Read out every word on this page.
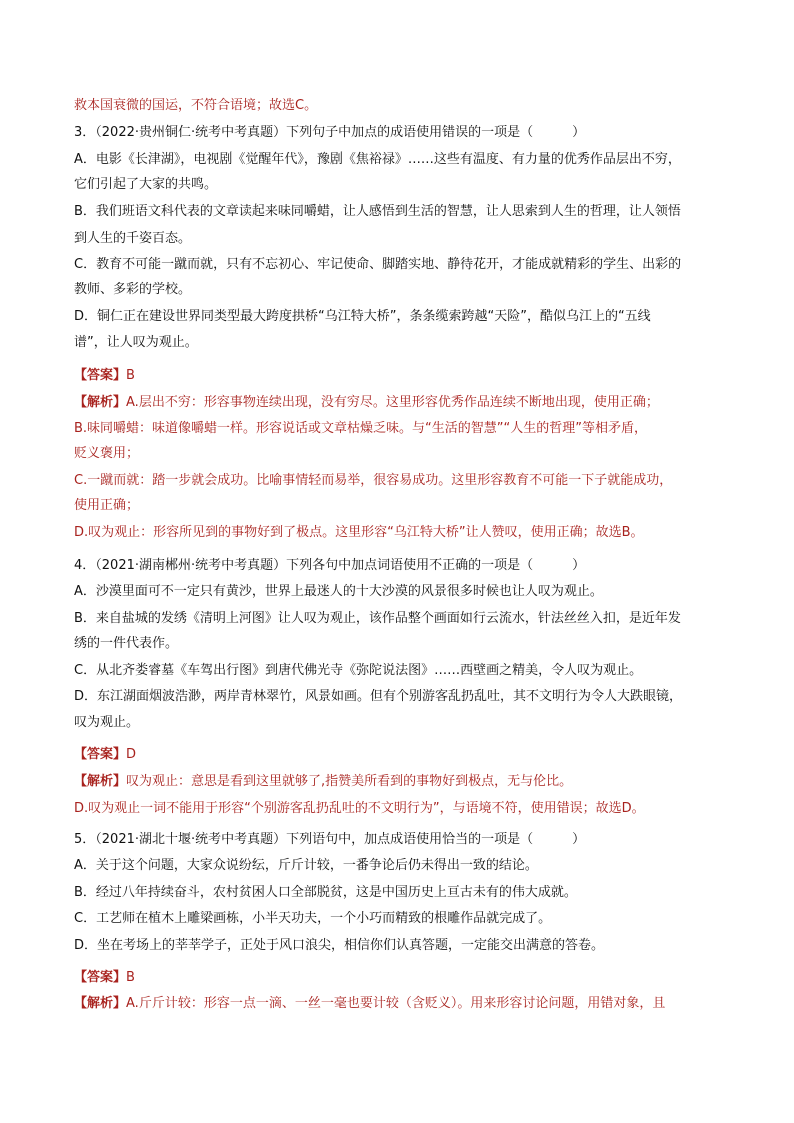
救本国衰微的国运，不符合语境；故选C。
3．（2022·贵州铜仁·统考中考真题）下列句子中加点的成语使用错误的一项是（　　　）
A．电影《长津湖》，电视剧《觉醒年代》，豫剧《焦裕禄》……这些有温度、有力量的优秀作品层出不穷，
它们引起了大家的共鸣。
B．我们班语文科代表的文章读起来味同嚼蜡，让人感悟到生活的智慧，让人思索到人生的哲理，让人领悟
到人生的千姿百态。
C．教育不可能一蹴而就，只有不忘初心、牢记使命、脚踏实地、静待花开，才能成就精彩的学生、出彩的
教师、多彩的学校。
D．铜仁正在建设世界同类型最大跨度拱桥“乌江特大桥”，条条缆索跨越“天险”，酷似乌江上的“五线
谱”，让人叹为观止。
【答案】B
【解析】A.层出不穷：形容事物连续出现，没有穷尽。这里形容优秀作品连续不断地出现，使用正确；
B.味同嚼蜡：味道像嚼蜡一样。形容说话或文章枯燥乏味。与“生活的智慧”“人生的哲理”等相矛盾，
贬义褒用；
C.一蹴而就：踏一步就会成功。比喻事情轻而易举，很容易成功。这里形容教育不可能一下子就能成功，
使用正确；
D.叹为观止：形容所见到的事物好到了极点。这里形容“乌江特大桥”让人赞叹，使用正确；故选B。
4．（2021·湖南郴州·统考中考真题）下列各句中加点词语使用不正确的一项是（　　　）
A．沙漠里面可不一定只有黄沙，世界上最迷人的十大沙漠的风景很多时候也让人叹为观止。
B．来自盐城的发绣《清明上河图》让人叹为观止，该作品整个画面如行云流水，针法丝丝入扣，是近年发
绣的一件代表作。
C．从北齐娄睿墓《车驾出行图》到唐代佛光寺《弥陀说法图》……西壁画之精美，令人叹为观止。
D．东江湖面烟波浩渺，两岸青林翠竹，风景如画。但有个别游客乱扔乱吐，其不文明行为令人大跌眼镜，
叹为观止。
【答案】D
【解析】叹为观止：意思是看到这里就够了,指赞美所看到的事物好到极点，无与伦比。
D.叹为观止一词不能用于形容“个别游客乱扔乱吐的不文明行为”，与语境不符，使用错误；故选D。
5．（2021·湖北十堰·统考中考真题）下列语句中，加点成语使用恰当的一项是（　　　）
A．关于这个问题，大家众说纷纭，斤斤计较，一番争论后仍未得出一致的结论。
B．经过八年持续奋斗，农村贫困人口全部脱贫，这是中国历史上亘古未有的伟大成就。
C．工艺师在植木上雕梁画栋，小半天功夫，一个小巧而精致的根雕作品就完成了。
D．坐在考场上的莘莘学子，正处于风口浪尖，相信你们认真答题，一定能交出满意的答卷。
【答案】B
【解析】A.斤斤计较：形容一点一滴、一丝一毫也要计较（含贬义）。用来形容讨论问题，用错对象，且
